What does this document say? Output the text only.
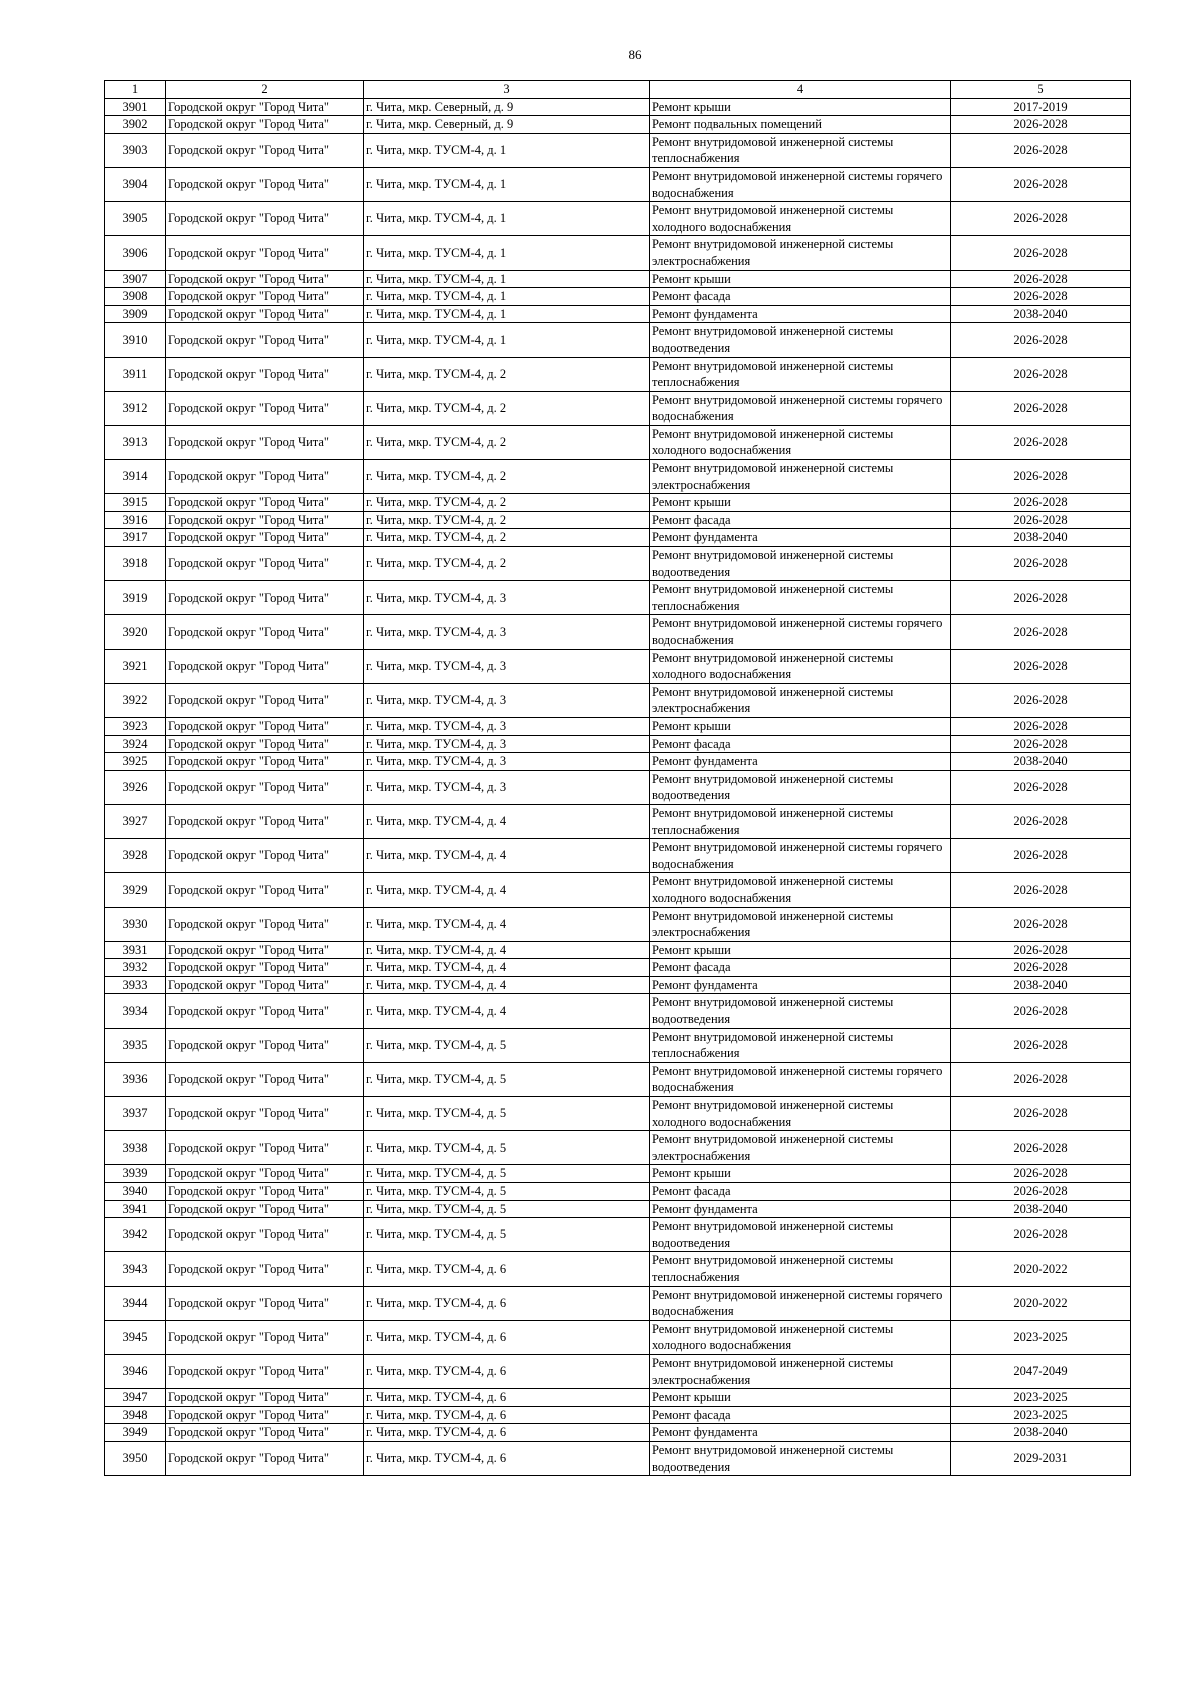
86
1	2	3	4	5
3901	Городской округ "Город Чита"	г. Чита, мкр. Северный, д. 9	Ремонт крыши	2017-2019
3902	Городской округ "Город Чита"	г. Чита, мкр. Северный, д. 9	Ремонт подвальных помещений	2026-2028
3903	Городской округ "Город Чита"	г. Чита, мкр. ТУСМ-4, д. 1	Ремонт внутридомовой инженерной системы теплоснабжения	2026-2028
3904	Городской округ "Город Чита"	г. Чита, мкр. ТУСМ-4, д. 1	Ремонт внутридомовой инженерной системы горячего водоснабжения	2026-2028
3905	Городской округ "Город Чита"	г. Чита, мкр. ТУСМ-4, д. 1	Ремонт внутридомовой инженерной системы холодного водоснабжения	2026-2028
3906	Городской округ "Город Чита"	г. Чита, мкр. ТУСМ-4, д. 1	Ремонт внутридомовой инженерной системы электроснабжения	2026-2028
3907	Городской округ "Город Чита"	г. Чита, мкр. ТУСМ-4, д. 1	Ремонт крыши	2026-2028
3908	Городской округ "Город Чита"	г. Чита, мкр. ТУСМ-4, д. 1	Ремонт фасада	2026-2028
3909	Городской округ "Город Чита"	г. Чита, мкр. ТУСМ-4, д. 1	Ремонт фундамента	2038-2040
3910	Городской округ "Город Чита"	г. Чита, мкр. ТУСМ-4, д. 1	Ремонт внутридомовой инженерной системы водоотведения	2026-2028
3911	Городской округ "Город Чита"	г. Чита, мкр. ТУСМ-4, д. 2	Ремонт внутридомовой инженерной системы теплоснабжения	2026-2028
3912	Городской округ "Город Чита"	г. Чита, мкр. ТУСМ-4, д. 2	Ремонт внутридомовой инженерной системы горячего водоснабжения	2026-2028
3913	Городской округ "Город Чита"	г. Чита, мкр. ТУСМ-4, д. 2	Ремонт внутридомовой инженерной системы холодного водоснабжения	2026-2028
3914	Городской округ "Город Чита"	г. Чита, мкр. ТУСМ-4, д. 2	Ремонт внутридомовой инженерной системы электроснабжения	2026-2028
3915	Городской округ "Город Чита"	г. Чита, мкр. ТУСМ-4, д. 2	Ремонт крыши	2026-2028
3916	Городской округ "Город Чита"	г. Чита, мкр. ТУСМ-4, д. 2	Ремонт фасада	2026-2028
3917	Городской округ "Город Чита"	г. Чита, мкр. ТУСМ-4, д. 2	Ремонт фундамента	2038-2040
3918	Городской округ "Город Чита"	г. Чита, мкр. ТУСМ-4, д. 2	Ремонт внутридомовой инженерной системы водоотведения	2026-2028
3919	Городской округ "Город Чита"	г. Чита, мкр. ТУСМ-4, д. 3	Ремонт внутридомовой инженерной системы теплоснабжения	2026-2028
3920	Городской округ "Город Чита"	г. Чита, мкр. ТУСМ-4, д. 3	Ремонт внутридомовой инженерной системы горячего водоснабжения	2026-2028
3921	Городской округ "Город Чита"	г. Чита, мкр. ТУСМ-4, д. 3	Ремонт внутридомовой инженерной системы холодного водоснабжения	2026-2028
3922	Городской округ "Город Чита"	г. Чита, мкр. ТУСМ-4, д. 3	Ремонт внутридомовой инженерной системы электроснабжения	2026-2028
3923	Городской округ "Город Чита"	г. Чита, мкр. ТУСМ-4, д. 3	Ремонт крыши	2026-2028
3924	Городской округ "Город Чита"	г. Чита, мкр. ТУСМ-4, д. 3	Ремонт фасада	2026-2028
3925	Городской округ "Город Чита"	г. Чита, мкр. ТУСМ-4, д. 3	Ремонт фундамента	2038-2040
3926	Городской округ "Город Чита"	г. Чита, мкр. ТУСМ-4, д. 3	Ремонт внутридомовой инженерной системы водоотведения	2026-2028
3927	Городской округ "Город Чита"	г. Чита, мкр. ТУСМ-4, д. 4	Ремонт внутридомовой инженерной системы теплоснабжения	2026-2028
3928	Городской округ "Город Чита"	г. Чита, мкр. ТУСМ-4, д. 4	Ремонт внутридомовой инженерной системы горячего водоснабжения	2026-2028
3929	Городской округ "Город Чита"	г. Чита, мкр. ТУСМ-4, д. 4	Ремонт внутридомовой инженерной системы холодного водоснабжения	2026-2028
3930	Городской округ "Город Чита"	г. Чита, мкр. ТУСМ-4, д. 4	Ремонт внутридомовой инженерной системы электроснабжения	2026-2028
3931	Городской округ "Город Чита"	г. Чита, мкр. ТУСМ-4, д. 4	Ремонт крыши	2026-2028
3932	Городской округ "Город Чита"	г. Чита, мкр. ТУСМ-4, д. 4	Ремонт фасада	2026-2028
3933	Городской округ "Город Чита"	г. Чита, мкр. ТУСМ-4, д. 4	Ремонт фундамента	2038-2040
3934	Городской округ "Город Чита"	г. Чита, мкр. ТУСМ-4, д. 4	Ремонт внутридомовой инженерной системы водоотведения	2026-2028
3935	Городской округ "Город Чита"	г. Чита, мкр. ТУСМ-4, д. 5	Ремонт внутридомовой инженерной системы теплоснабжения	2026-2028
3936	Городской округ "Город Чита"	г. Чита, мкр. ТУСМ-4, д. 5	Ремонт внутридомовой инженерной системы горячего водоснабжения	2026-2028
3937	Городской округ "Город Чита"	г. Чита, мкр. ТУСМ-4, д. 5	Ремонт внутридомовой инженерной системы холодного водоснабжения	2026-2028
3938	Городской округ "Город Чита"	г. Чита, мкр. ТУСМ-4, д. 5	Ремонт внутридомовой инженерной системы электроснабжения	2026-2028
3939	Городской округ "Город Чита"	г. Чита, мкр. ТУСМ-4, д. 5	Ремонт крыши	2026-2028
3940	Городской округ "Город Чита"	г. Чита, мкр. ТУСМ-4, д. 5	Ремонт фасада	2026-2028
3941	Городской округ "Город Чита"	г. Чита, мкр. ТУСМ-4, д. 5	Ремонт фундамента	2038-2040
3942	Городской округ "Город Чита"	г. Чита, мкр. ТУСМ-4, д. 5	Ремонт внутридомовой инженерной системы водоотведения	2026-2028
3943	Городской округ "Город Чита"	г. Чита, мкр. ТУСМ-4, д. 6	Ремонт внутридомовой инженерной системы теплоснабжения	2020-2022
3944	Городской округ "Город Чита"	г. Чита, мкр. ТУСМ-4, д. 6	Ремонт внутридомовой инженерной системы горячего водоснабжения	2020-2022
3945	Городской округ "Город Чита"	г. Чита, мкр. ТУСМ-4, д. 6	Ремонт внутридомовой инженерной системы холодного водоснабжения	2023-2025
3946	Городской округ "Город Чита"	г. Чита, мкр. ТУСМ-4, д. 6	Ремонт внутридомовой инженерной системы электроснабжения	2047-2049
3947	Городской округ "Город Чита"	г. Чита, мкр. ТУСМ-4, д. 6	Ремонт крыши	2023-2025
3948	Городской округ "Город Чита"	г. Чита, мкр. ТУСМ-4, д. 6	Ремонт фасада	2023-2025
3949	Городской округ "Город Чита"	г. Чита, мкр. ТУСМ-4, д. 6	Ремонт фундамента	2038-2040
3950	Городской округ "Город Чита"	г. Чита, мкр. ТУСМ-4, д. 6	Ремонт внутридомовой инженерной системы водоотведения	2029-2031
